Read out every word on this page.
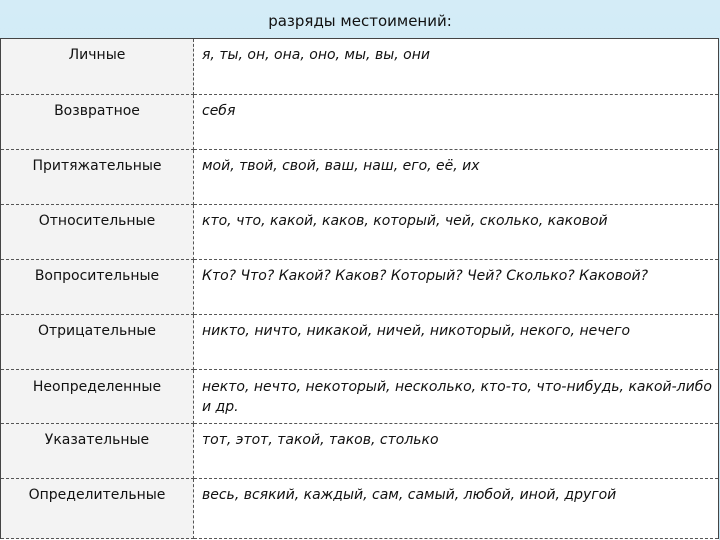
разряды местоимений:
Личные	я, ты, он, она, оно, мы, вы, они

Возвратное	себя

Притяжательные	мой, твой, свой, ваш, наш, его, её, их

Относительные	кто, что, какой, каков, который, чей, сколько, каковой

Вопросительные	Кто? Что? Какой? Каков? Который? Чей? Сколько? Каковой?

Отрицательные	никто, ничто, никакой, ничей, никоторый, некого, нечего

Неопределенные	некто, нечто, некоторый, несколько, кто-то, что-нибудь, какой-либо и др.

Указательные	тот, этот, такой, таков, столько

Определительные	весь, всякий, каждый, сам, самый, любой, иной, другой
